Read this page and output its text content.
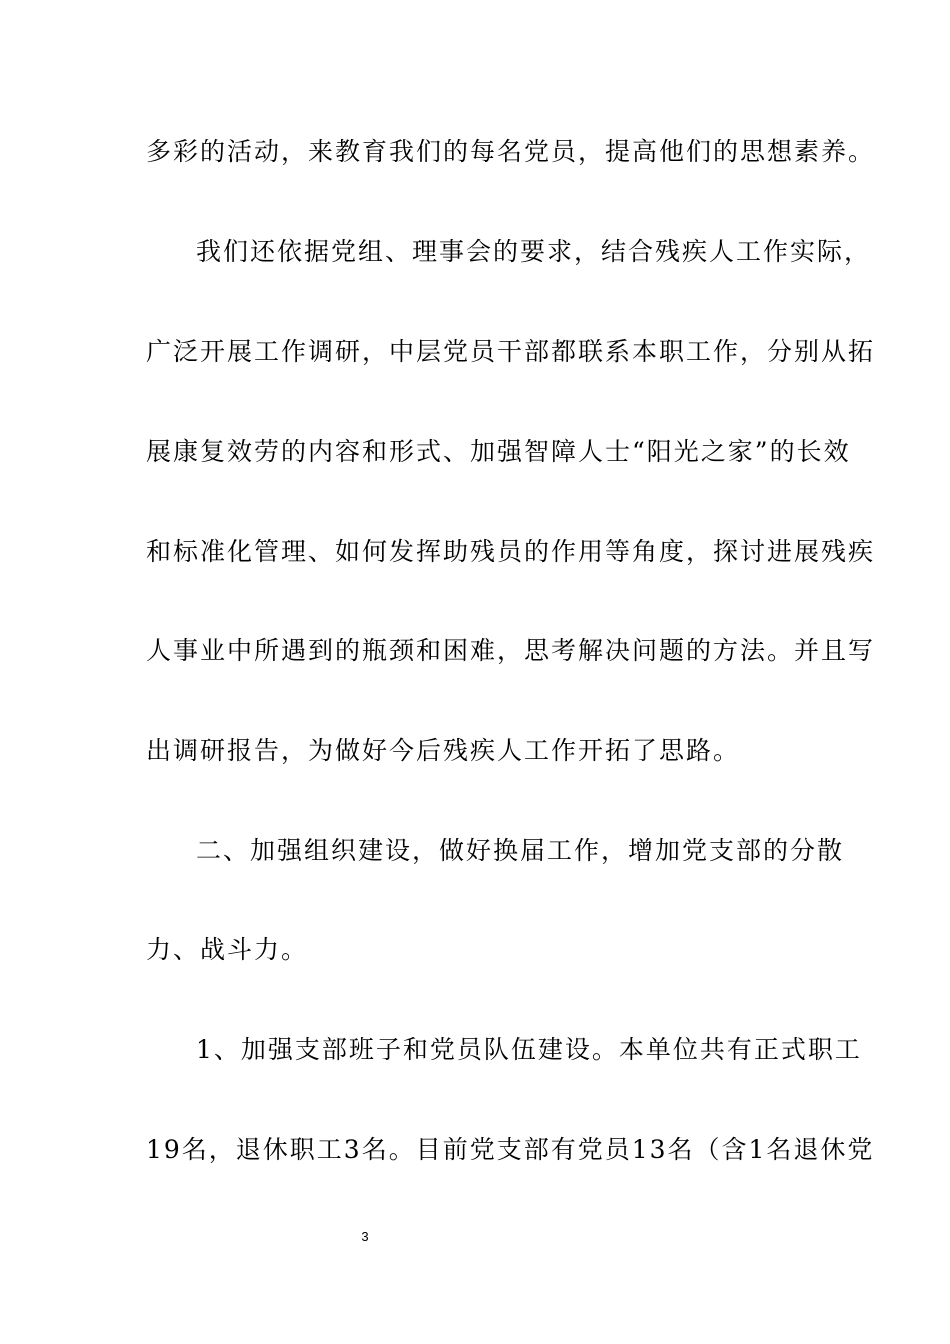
多彩的活动，来教育我们的每名党员，提高他们的思想素养。
我们还依据党组、理事会的要求，结合残疾人工作实际，
广泛开展工作调研，中层党员干部都联系本职工作，分别从拓
展康复效劳的内容和形式、加强智障人士“阳光之家”的长效
和标准化管理、如何发挥助残员的作用等角度，探讨进展残疾
人事业中所遇到的瓶颈和困难，思考解决问题的方法。并且写
出调研报告，为做好今后残疾人工作开拓了思路。
二、加强组织建设，做好换届工作，增加党支部的分散
力、战斗力。
1、加强支部班子和党员队伍建设。本单位共有正式职工
19名，退休职工3名。目前党支部有党员13名（含1名退休党
3
